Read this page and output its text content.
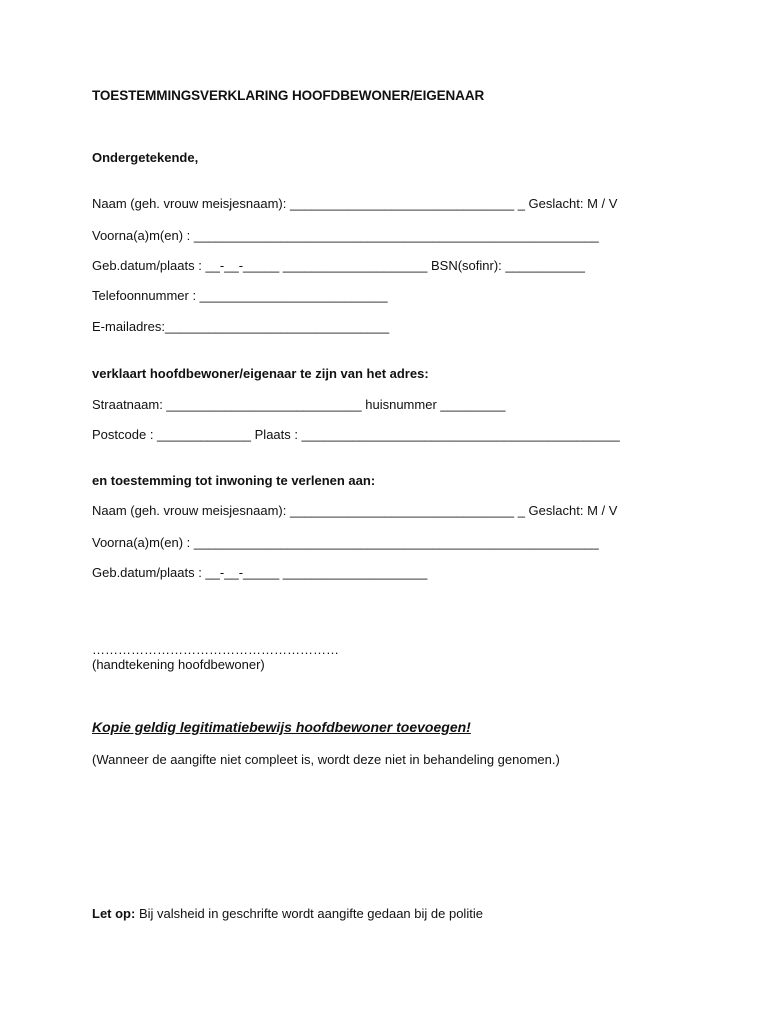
TOESTEMMINGSVERKLARING HOOFDBEWONER/EIGENAAR
Ondergetekende,
Naam (geh. vrouw meisjesnaam): _______________________________ _ Geslacht: M / V
Voorna(a)m(en) : ________________________________________________________
Geb.datum/plaats : __-__-_____ ____________________ BSN(sofinr): ___________
Telefoonnummer : __________________________
E-mailadres:_______________________________
verklaart hoofdbewoner/eigenaar te zijn van het adres:
Straatnaam: ___________________________ huisnummer _________
Postcode : _____________ Plaats : ____________________________________________
en toestemming tot inwoning te verlenen aan:
Naam (geh. vrouw meisjesnaam): _______________________________ _ Geslacht: M / V
Voorna(a)m(en) : ________________________________________________________
Geb.datum/plaats : __-__-_____ ____________________
…………………………………………………
(handtekening hoofdbewoner)
Kopie geldig legitimatiebewijs hoofdbewoner toevoegen!
(Wanneer de aangifte niet compleet is, wordt deze niet in behandeling genomen.)
Let op: Bij valsheid in geschrifte wordt aangifte gedaan bij de politie
